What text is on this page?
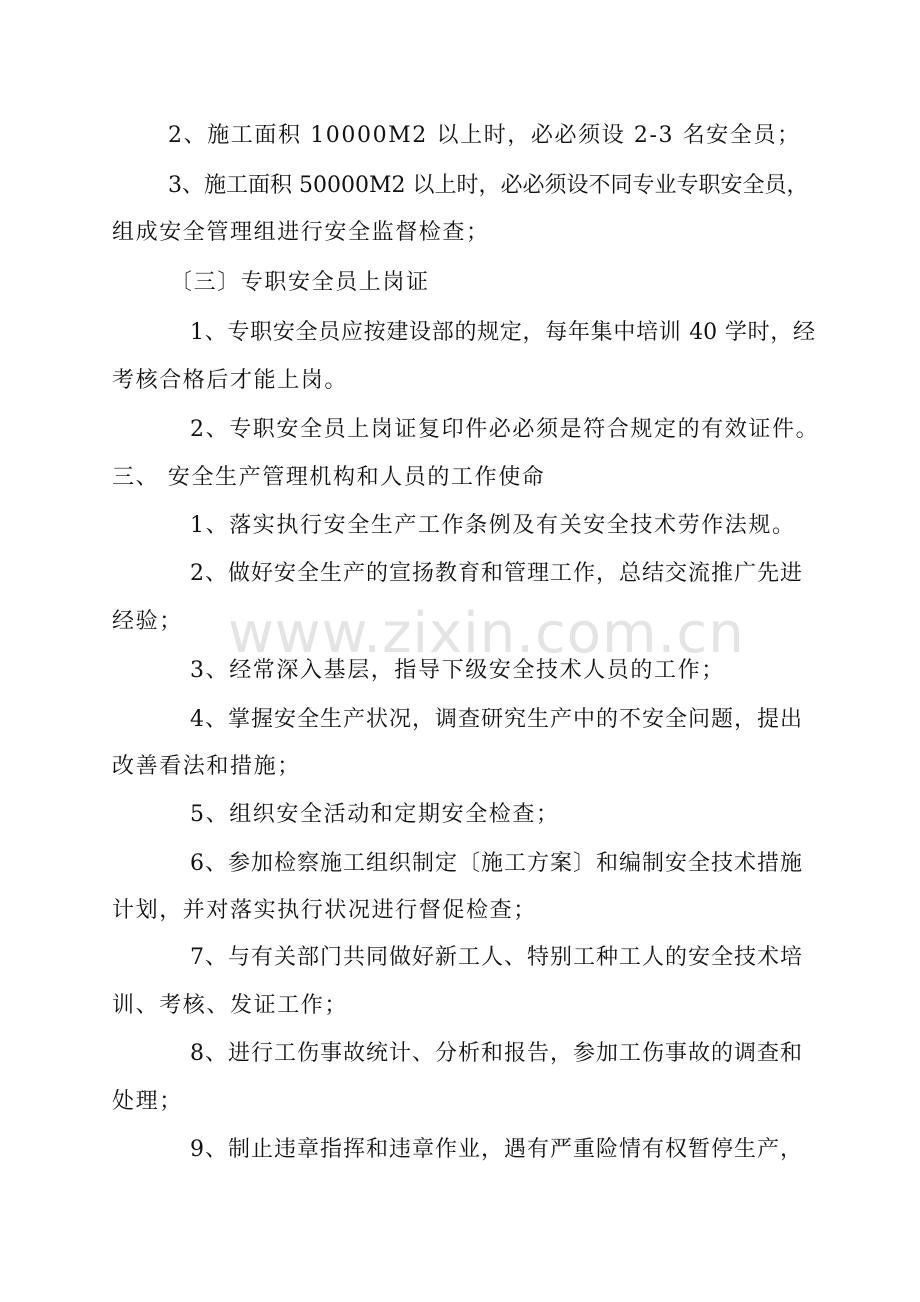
www.zixin.com.cn
2、施工面积 10000M2 以上时，必必须设 2-3 名安全员；
3、施工面积 50000M2 以上时，必必须设不同专业专职安全员，
组成安全管理组进行安全监督检查；
〔三〕专职安全员上岗证
1、专职安全员应按建设部的规定，每年集中培训 40 学时，经
考核合格后才能上岗。
2、专职安全员上岗证复印件必必须是符合规定的有效证件。
三、 安全生产管理机构和人员的工作使命
1、落实执行安全生产工作条例及有关安全技术劳作法规。
2、做好安全生产的宣扬教育和管理工作，总结交流推广先进
经验；
3、经常深入基层，指导下级安全技术人员的工作；
4、掌握安全生产状况，调查研究生产中的不安全问题，提出
改善看法和措施；
5、组织安全活动和定期安全检查；
6、参加检察施工组织制定〔施工方案〕和编制安全技术措施
计划，并对落实执行状况进行督促检查；
7、与有关部门共同做好新工人、特别工种工人的安全技术培
训、考核、发证工作；
8、进行工伤事故统计、分析和报告，参加工伤事故的调查和
处理；
9、制止违章指挥和违章作业，遇有严重险情有权暂停生产，
